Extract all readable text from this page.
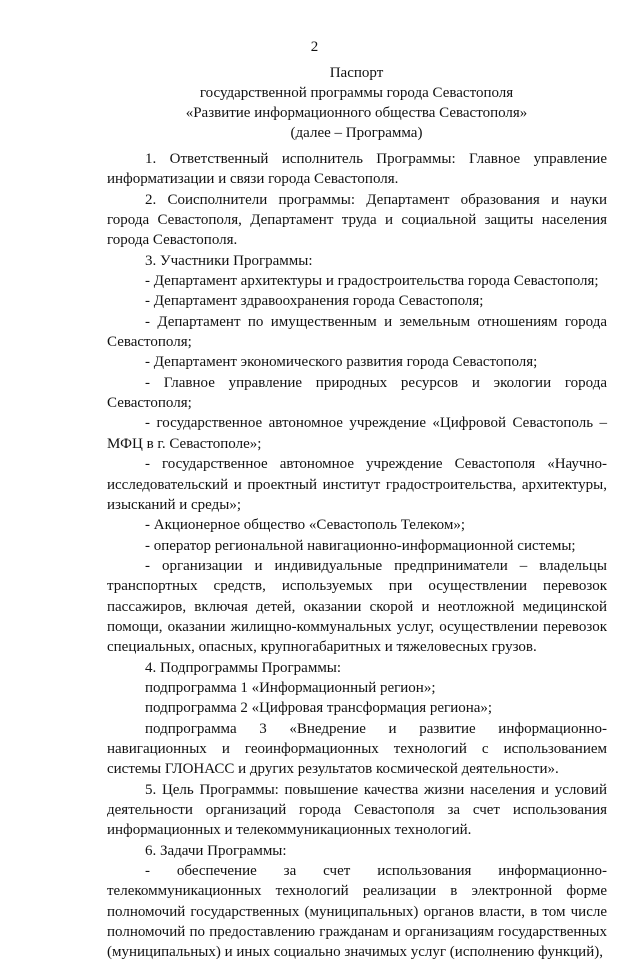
2
Паспорт
государственной программы города Севастополя
«Развитие информационного общества Севастополя»
(далее – Программа)

1. Ответственный исполнитель Программы: Главное управление информатизации и связи города Севастополя.

2. Соисполнители программы: Департамент образования и науки города Севастополя, Департамент труда и социальной защиты населения города Севастополя.

3. Участники Программы:

- Департамент архитектуры и градостроительства города Севастополя;

- Департамент здравоохранения города Севастополя;

- Департамент по имущественным и земельным отношениям города Севастополя;

- Департамент экономического развития города Севастополя;

- Главное управление природных ресурсов и экологии города Севастополя;

- государственное автономное учреждение «Цифровой Севастополь – МФЦ в г. Севастополе»;

- государственное автономное учреждение Севастополя «Научно-исследовательский и проектный институт градостроительства, архитектуры, изысканий и среды»;

- Акционерное общество «Севастополь Телеком»;

- оператор региональной навигационно-информационной системы;

- организации и индивидуальные предприниматели – владельцы транспортных средств, используемых при осуществлении перевозок пассажиров, включая детей, оказании скорой и неотложной медицинской помощи, оказании жилищно-коммунальных услуг, осуществлении перевозок специальных, опасных, крупногабаритных и тяжеловесных грузов.

4. Подпрограммы Программы:

подпрограмма 1 «Информационный регион»;

подпрограмма 2 «Цифровая трансформация региона»;

подпрограмма 3 «Внедрение и развитие информационно-навигационных и геоинформационных технологий с использованием системы ГЛОНАСС и других результатов космической деятельности».

5. Цель Программы: повышение качества жизни населения и условий деятельности организаций города Севастополя за счет использования информационных и телекоммуникационных технологий.

6. Задачи Программы:

- обеспечение за счет использования информационно-телекоммуникационных технологий реализации в электронной форме полномочий государственных (муниципальных) органов власти, в том числе полномочий по предоставлению гражданам и организациям государственных (муниципальных) и иных социально значимых услуг (исполнению функций),
